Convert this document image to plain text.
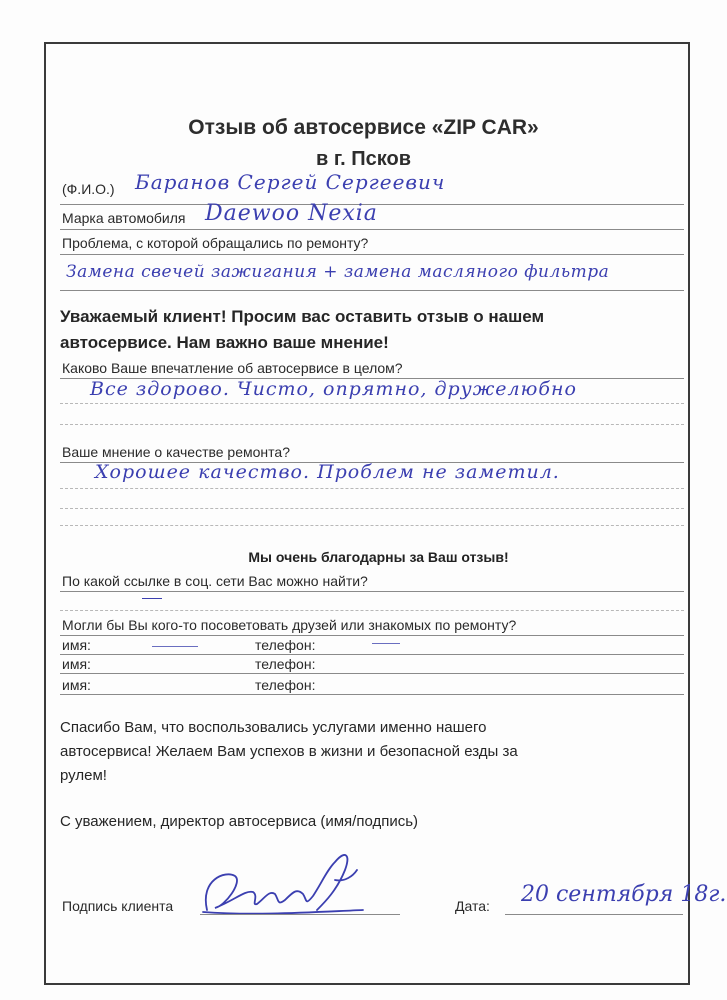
Отзыв об автосервисе «ZIP CAR»
в г. Псков
(Ф.И.О.) Баранов Сергей Сергеевич
Марка автомобиля Daewoo Nexia
Проблема, с которой обращались по ремонту?
Замена свечей зажигания + замена масляного фильтра
Уважаемый клиент! Просим вас оставить отзыв о нашем
автосервисе. Нам важно ваше мнение!
Каково Ваше впечатление об автосервисе в целом?
Все здорово. Чисто, опрятно, дружелюбно
Ваше мнение о качестве ремонта?
Хорошее качество. Проблем не заметил.
Мы очень благодарны за Ваш отзыв!
По какой ссылке в соц. сети Вас можно найти?
Могли бы Вы кого-то посоветовать друзей или знакомых по ремонту?
имя:	телефон:
имя:	телефон:
имя:	телефон:
Спасибо Вам, что воспользовались услугами именно нашего
автосервиса! Желаем Вам успехов в жизни и безопасной езды за
рулем!
С уважением, директор автосервиса (имя/подпись)
Подпись клиента	Дата: 20 сентября 18г.
